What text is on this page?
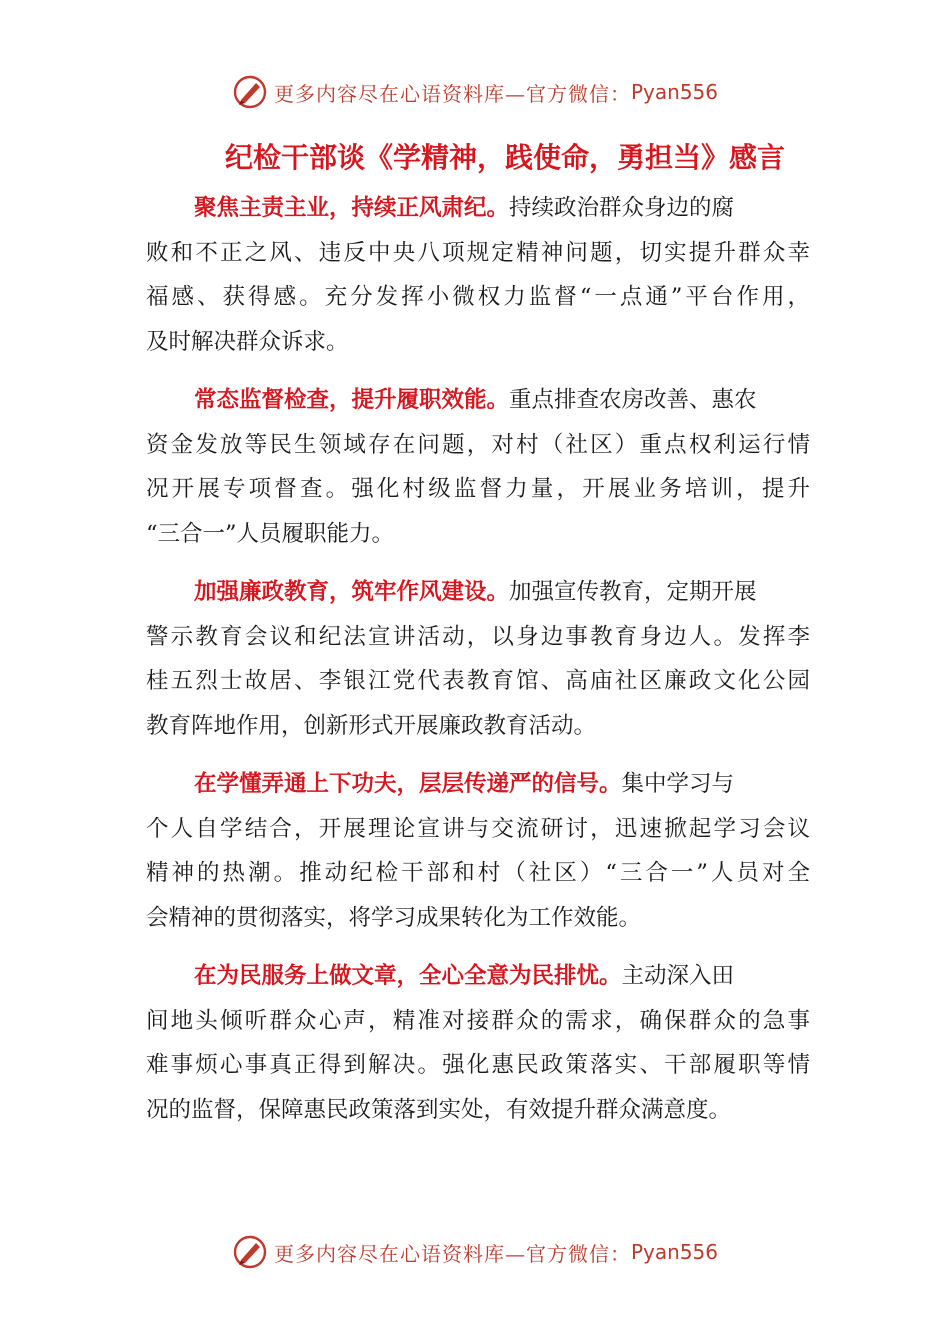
更多内容尽在心语资料库—官方微信： Pyan556
纪检干部谈《学精神，践使命，勇担当》感言

聚焦主责主业，持续正风肃纪。持续政治群众身边的腐
败和不正之风、违反中央八项规定精神问题，切实提升群众幸
福感、获得感。充分发挥小微权力监督“一点通”平台作用，
及时解决群众诉求。

常态监督检查，提升履职效能。重点排查农房改善、惠农
资金发放等民生领域存在问题，对村（社区）重点权利运行情
况开展专项督查。强化村级监督力量，开展业务培训，提升
“三合一”人员履职能力。

加强廉政教育，筑牢作风建设。加强宣传教育，定期开展
警示教育会议和纪法宣讲活动，以身边事教育身边人。发挥李
桂五烈士故居、李银江党代表教育馆、高庙社区廉政文化公园
教育阵地作用，创新形式开展廉政教育活动。

在学懂弄通上下功夫，层层传递严的信号。集中学习与
个人自学结合，开展理论宣讲与交流研讨，迅速掀起学习会议
精神的热潮。推动纪检干部和村（社区）“三合一”人员对全
会精神的贯彻落实，将学习成果转化为工作效能。

在为民服务上做文章，全心全意为民排忧。主动深入田
间地头倾听群众心声，精准对接群众的需求，确保群众的急事
难事烦心事真正得到解决。强化惠民政策落实、干部履职等情
况的监督，保障惠民政策落到实处，有效提升群众满意度。

更多内容尽在心语资料库—官方微信： Pyan556
